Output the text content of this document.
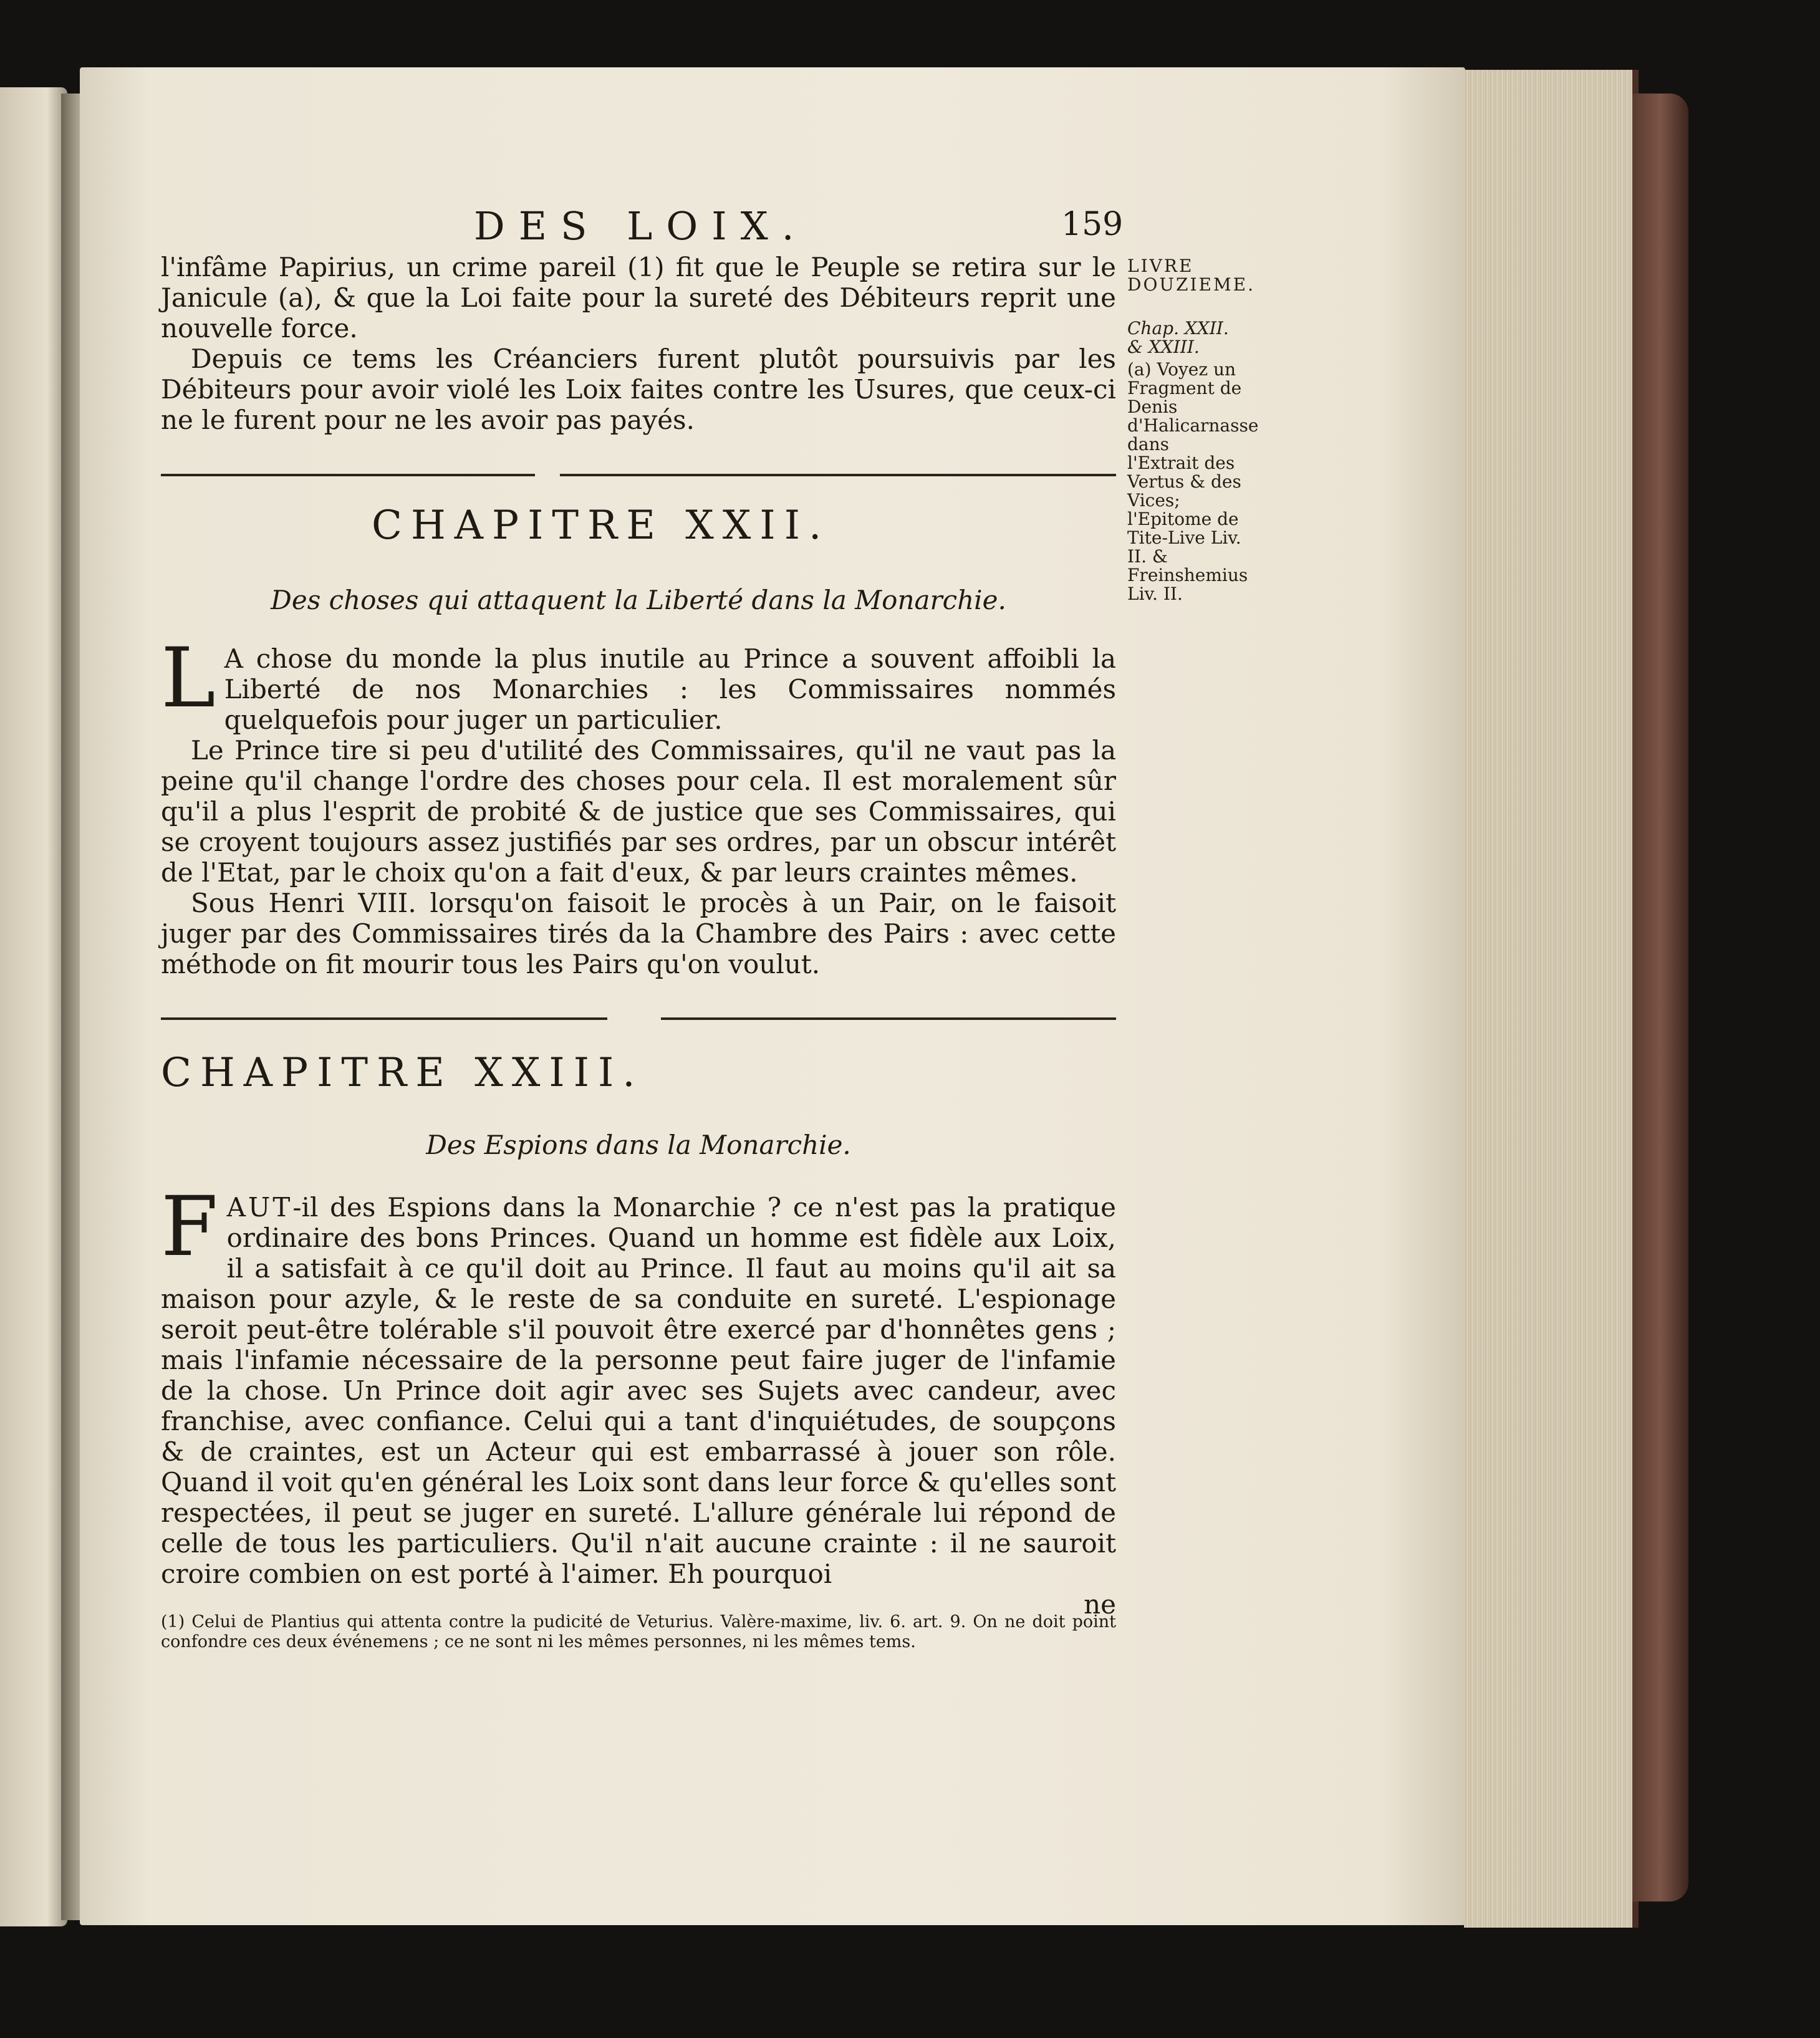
DES LOIX.	159
LIVRE DOUZIEME.
Chap. XXII. & XXIII.
(a) Voyez un Fragment de Denis d'Halicarnasse dans l'Extrait des Vertus & des Vices; l'Epitome de Tite-Live Liv. II. & Freinshemius Liv. II.

l'infâme Papirius, un crime pareil (1) fit que le Peuple se retira sur le Janicule (a), & que la Loi faite pour la sureté des Débiteurs reprit une nouvelle force.

Depuis ce tems les Créanciers furent plutôt poursuivis par les Débiteurs pour avoir violé les Loix faites contre les Usures, que ceux-ci ne le furent pour ne les avoir pas payés.

CHAPITRE XXII.
Des choses qui attaquent la Liberté dans la Monarchie.

L A chose du monde la plus inutile au Prince a souvent affoibli la Liberté de nos Monarchies : les Commissaires nommés quelquefois pour juger un particulier.

Le Prince tire si peu d'utilité des Commissaires, qu'il ne vaut pas la peine qu'il change l'ordre des choses pour cela. Il est moralement sûr qu'il a plus l'esprit de probité & de justice que ses Commissaires, qui se croyent toujours assez justifiés par ses ordres, par un obscur intérêt de l'Etat, par le choix qu'on a fait d'eux, & par leurs craintes mêmes.

Sous Henri VIII. lorsqu'on faisoit le procès à un Pair, on le faisoit juger par des Commissaires tirés da la Chambre des Pairs : avec cette méthode on fit mourir tous les Pairs qu'on voulut.

CHAPITRE XXIII.
Des Espions dans la Monarchie.

FAUT-il des Espions dans la Monarchie ? ce n'est pas la pratique ordinaire des bons Princes. Quand un homme est fidèle aux Loix, il a satisfait à ce qu'il doit au Prince. Il faut au moins qu'il ait sa maison pour azyle, & le reste de sa conduite en sureté. L'espionage seroit peut-être tolérable s'il pouvoit être exercé par d'honnêtes gens ; mais l'infamie nécessaire de la personne peut faire juger de l'infamie de la chose. Un Prince doit agir avec ses Sujets avec candeur, avec franchise, avec confiance. Celui qui a tant d'inquiétudes, de soupçons & de craintes, est un Acteur qui est embarrassé à jouer son rôle. Quand il voit qu'en général les Loix sont dans leur force & qu'elles sont respectées, il peut se juger en sureté. L'allure générale lui répond de celle de tous les particuliers. Qu'il n'ait aucune crainte : il ne sauroit croire combien on est porté à l'aimer. Eh pourquoi

ne

(1) Celui de Plantius qui attenta contre la pudicité de Veturius. Valère-maxime, liv. 6. art. 9. On ne doit point confondre ces deux événemens ; ce ne sont ni les mêmes personnes, ni les mêmes tems.
